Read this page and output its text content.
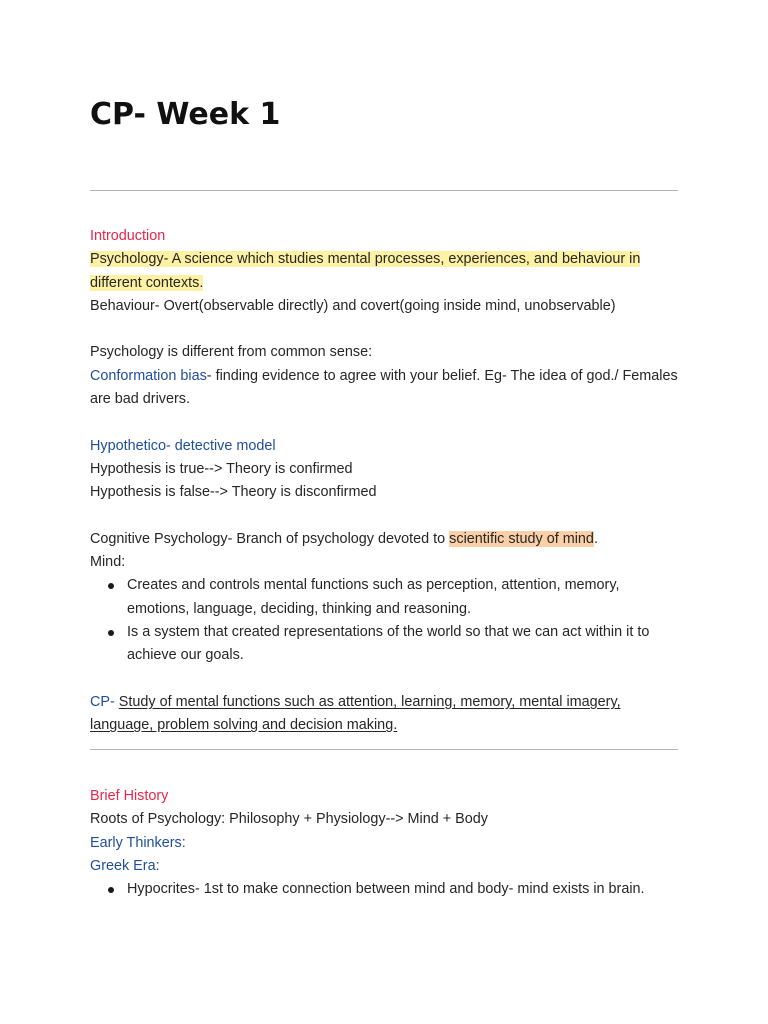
CP- Week 1

Introduction

Psychology- A science which studies mental processes, experiences, and behaviour in different contexts.

Behaviour- Overt(observable directly) and covert(going inside mind, unobservable)

Psychology is different from common sense:

Conformation bias- finding evidence to agree with your belief. Eg- The idea of god./ Females are bad drivers.

Hypothetico- detective model

Hypothesis is true--> Theory is confirmed

Hypothesis is false--> Theory is disconfirmed

Cognitive Psychology- Branch of psychology devoted to scientific study of mind.

Mind:

Creates and controls mental functions such as perception, attention, memory, emotions, language, deciding, thinking and reasoning.
Is a system that created representations of the world so that we can act within it to achieve our goals.

CP- Study of mental functions such as attention, learning, memory, mental imagery, language, problem solving and decision making.

Brief History

Roots of Psychology: Philosophy + Physiology--> Mind + Body

Early Thinkers:

Greek Era:

Hypocrites- 1st to make connection between mind and body- mind exists in brain.
